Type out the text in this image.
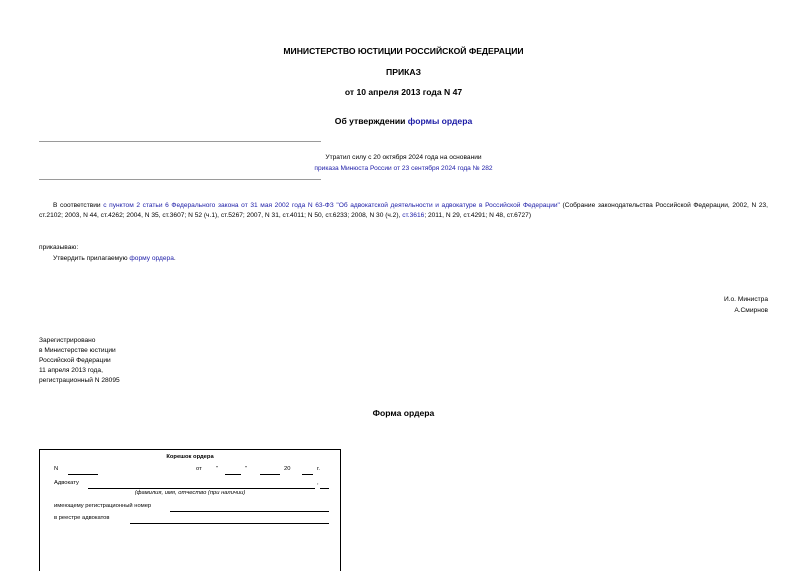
МИНИСТЕРСТВО ЮСТИЦИИ РОССИЙСКОЙ ФЕДЕРАЦИИ
ПРИКАЗ
от 10 апреля 2013 года N 47
Об утверждении формы ордера
Утратил силу с 20 октября 2024 года на основании
приказа Минюста России от 23 сентября 2024 года № 282
В соответствии с пунктом 2 статьи 6 Федерального закона от 31 мая 2002 года N 63-ФЗ "Об адвокатской деятельности и адвокатуре в Российской Федерации" (Собрание законодательства Российской Федерации, 2002, N 23, ст.2102; 2003, N 44, ст.4262; 2004, N 35, ст.3607; N 52 (ч.1), ст.5267; 2007, N 31, ст.4011; N 50, ст.6233; 2008, N 30 (ч.2), ст.3616; 2011, N 29, ст.4291; N 48, ст.6727)
приказываю:
Утвердить прилагаемую форму ордера.
И.о. Министра
А.Смирнов
Зарегистрировано
в Министерстве юстиции
Российской Федерации
11 апреля 2013 года,
регистрационный N 28095
Форма ордера
Корешок ордера
N	от "	"	20	г.
Адвокату	,
(фамилия, имя, отчество (при наличии)
имеющему регистрационный номер
в реестре адвокатов
